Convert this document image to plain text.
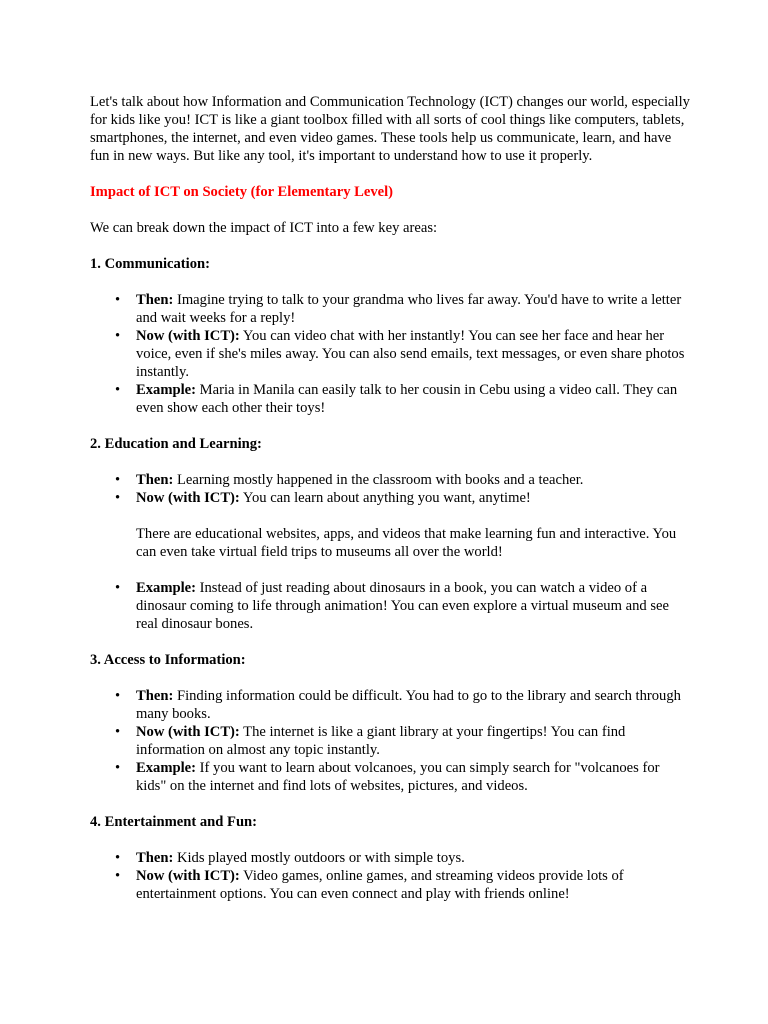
Let's talk about how Information and Communication Technology (ICT) changes our world, especially for kids like you! ICT is like a giant toolbox filled with all sorts of cool things like computers, tablets, smartphones, the internet, and even video games. These tools help us communicate, learn, and have fun in new ways. But like any tool, it's important to understand how to use it properly.

Impact of ICT on Society (for Elementary Level)

We can break down the impact of ICT into a few key areas:

1. Communication:

• Then: Imagine trying to talk to your grandma who lives far away. You'd have to write a letter and wait weeks for a reply!
• Now (with ICT): You can video chat with her instantly! You can see her face and hear her voice, even if she's miles away. You can also send emails, text messages, or even share photos instantly.
• Example: Maria in Manila can easily talk to her cousin in Cebu using a video call. They can even show each other their toys!

2. Education and Learning:

• Then: Learning mostly happened in the classroom with books and a teacher.
• Now (with ICT): You can learn about anything you want, anytime!

There are educational websites, apps, and videos that make learning fun and interactive. You can even take virtual field trips to museums all over the world!

• Example: Instead of just reading about dinosaurs in a book, you can watch a video of a dinosaur coming to life through animation! You can even explore a virtual museum and see real dinosaur bones.

3. Access to Information:

• Then: Finding information could be difficult. You had to go to the library and search through many books.
• Now (with ICT): The internet is like a giant library at your fingertips! You can find information on almost any topic instantly.
• Example: If you want to learn about volcanoes, you can simply search for "volcanoes for kids" on the internet and find lots of websites, pictures, and videos.

4. Entertainment and Fun:

• Then: Kids played mostly outdoors or with simple toys.
• Now (with ICT): Video games, online games, and streaming videos provide lots of entertainment options. You can even connect and play with friends online!
